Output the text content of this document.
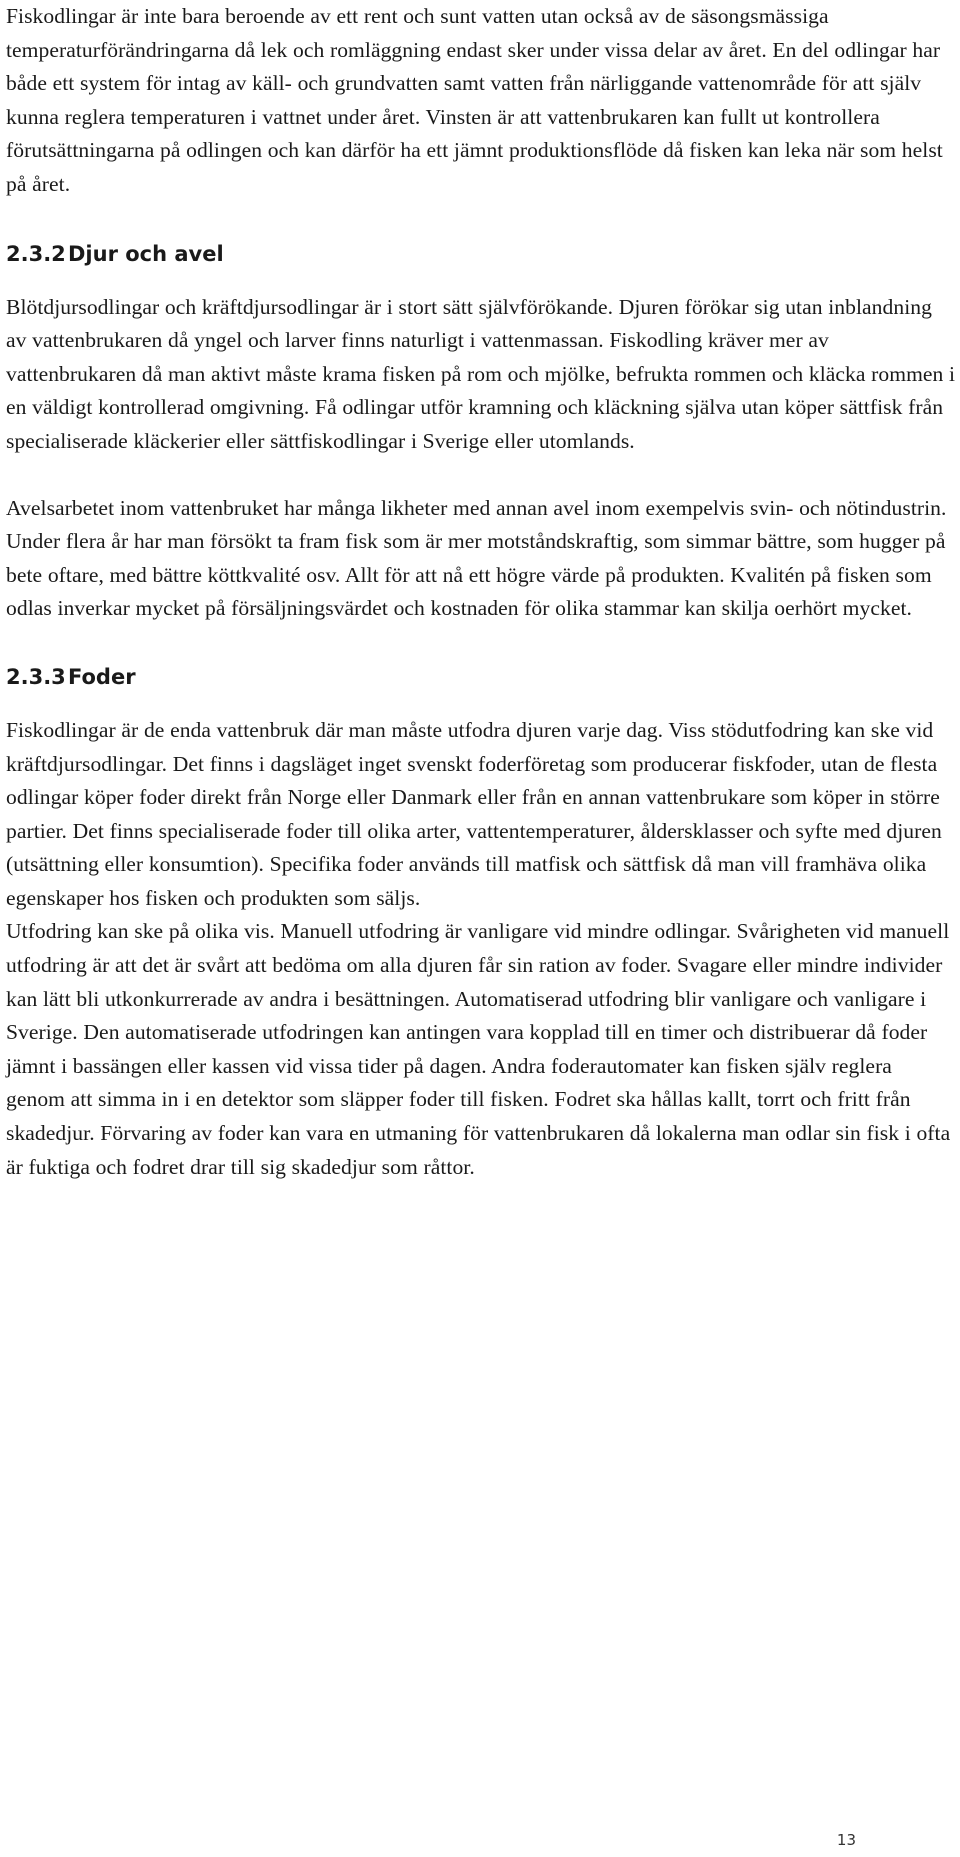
Fiskodlingar är inte bara beroende av ett rent och sunt vatten utan också av de säsongsmässiga temperaturförändringarna då lek och romläggning endast sker under vissa delar av året. En del odlingar har både ett system för intag av käll- och grundvatten samt vatten från närliggande vattenområde för att själv kunna reglera temperaturen i vattnet under året. Vinsten är att vattenbrukaren kan fullt ut kontrollera förutsättningarna på odlingen och kan därför ha ett jämnt produktionsflöde då fisken kan leka när som helst på året.

2.3.2 Djur och avel

Blötdjursodlingar och kräftdjursodlingar är i stort sätt självförökande. Djuren förökar sig utan inblandning av vattenbrukaren då yngel och larver finns naturligt i vattenmassan. Fiskodling kräver mer av vattenbrukaren då man aktivt måste krama fisken på rom och mjölke, befrukta rommen och kläcka rommen i en väldigt kontrollerad omgivning. Få odlingar utför kramning och kläckning själva utan köper sättfisk från specialiserade kläckerier eller sättfiskodlingar i Sverige eller utomlands.

Avelsarbetet inom vattenbruket har många likheter med annan avel inom exempelvis svin- och nötindustrin. Under flera år har man försökt ta fram fisk som är mer motståndskraftig, som simmar bättre, som hugger på bete oftare, med bättre köttkvalité osv. Allt för att nå ett högre värde på produkten. Kvalitén på fisken som odlas inverkar mycket på försäljningsvärdet och kostnaden för olika stammar kan skilja oerhört mycket.

2.3.3 Foder

Fiskodlingar är de enda vattenbruk där man måste utfodra djuren varje dag. Viss stödutfodring kan ske vid kräftdjursodlingar. Det finns i dagsläget inget svenskt foderföretag som producerar fiskfoder, utan de flesta odlingar köper foder direkt från Norge eller Danmark eller från en annan vattenbrukare som köper in större partier. Det finns specialiserade foder till olika arter, vattentemperaturer, åldersklasser och syfte med djuren (utsättning eller konsumtion). Specifika foder används till matfisk och sättfisk då man vill framhäva olika egenskaper hos fisken och produkten som säljs.

Utfodring kan ske på olika vis. Manuell utfodring är vanligare vid mindre odlingar. Svårigheten vid manuell utfodring är att det är svårt att bedöma om alla djuren får sin ration av foder. Svagare eller mindre individer kan lätt bli utkonkurrerade av andra i besättningen. Automatiserad utfodring blir vanligare och vanligare i Sverige. Den automatiserade utfodringen kan antingen vara kopplad till en timer och distribuerar då foder jämnt i bassängen eller kassen vid vissa tider på dagen. Andra foderautomater kan fisken själv reglera genom att simma in i en detektor som släpper foder till fisken. Fodret ska hållas kallt, torrt och fritt från skadedjur. Förvaring av foder kan vara en utmaning för vattenbrukaren då lokalerna man odlar sin fisk i ofta är fuktiga och fodret drar till sig skadedjur som råttor.

13
